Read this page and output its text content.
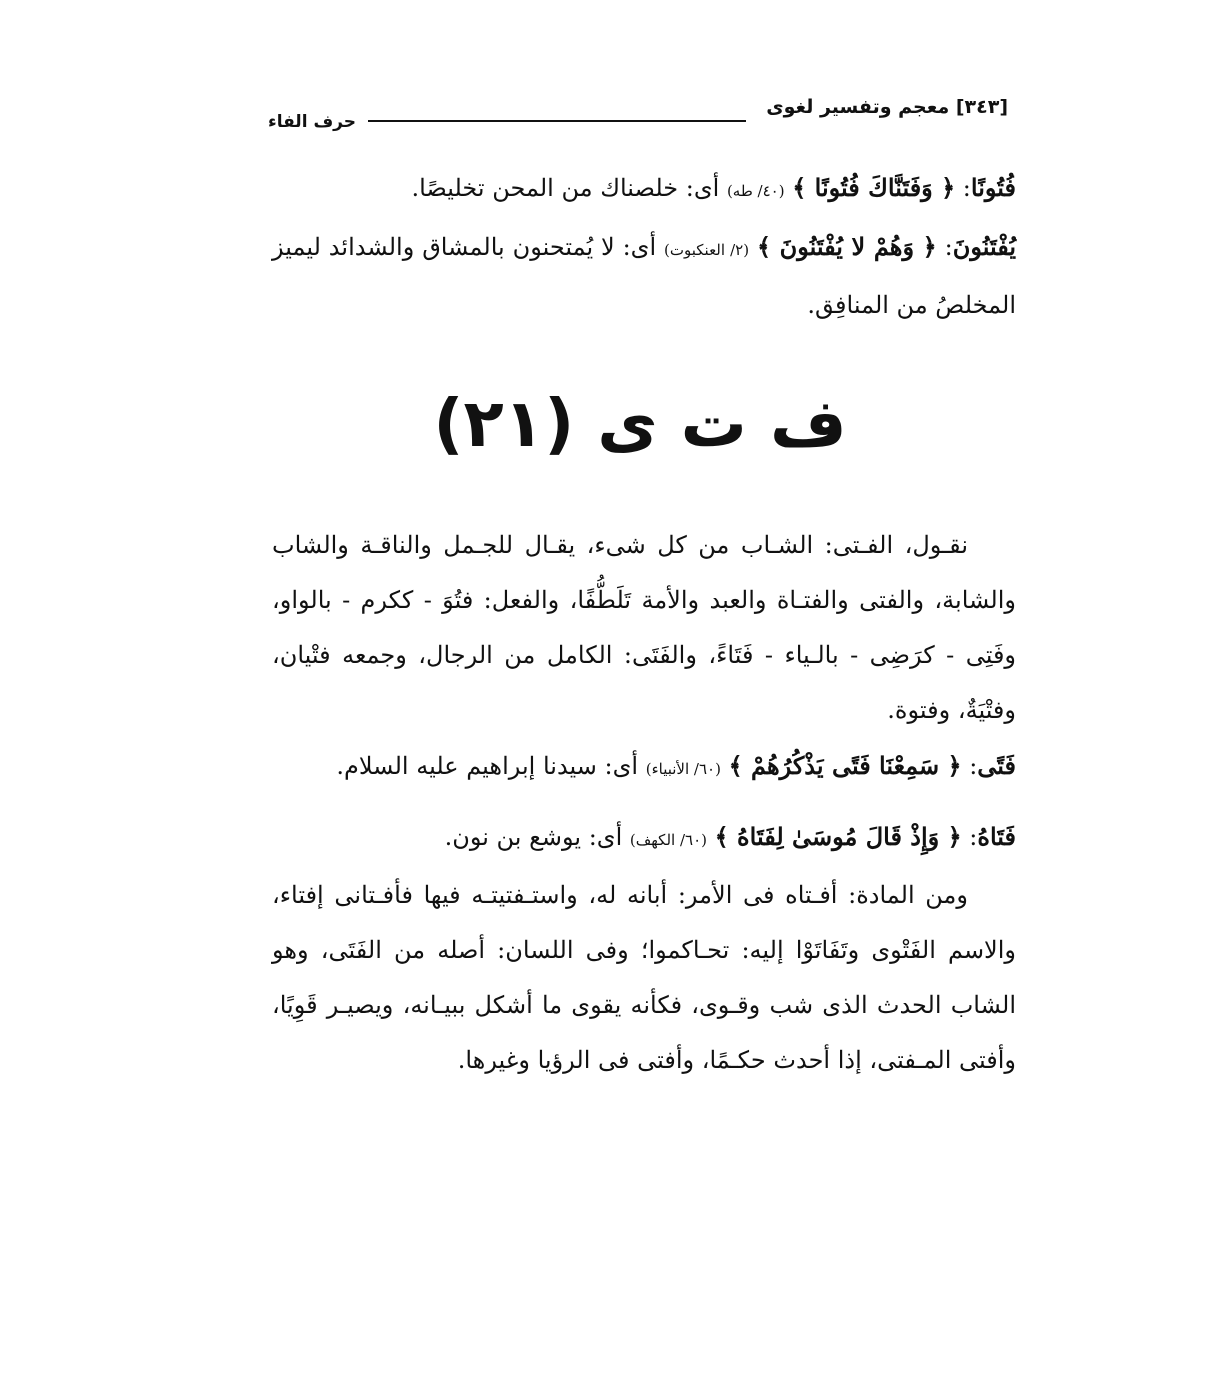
[٣٤٣] معجم وتفسير لغوى
حرف الفاء
فُتُونًا: ﴿ وَفَتَنَّاكَ فُتُونًا ﴾ (٤٠/ طه) أى: خلصناك من المحن تخليصًا.
يُفْتَنُونَ: ﴿ وَهُمْ لا يُفْتَنُونَ ﴾ (٢/ العنكبوت) أى: لا يُمتحنون بالمشاق والشدائد ليميز المخلصُ من المنافِق.
ف ت ى (٢١)
نقـول، الفـتى: الشـاب من كل شىء، يقـال للجـمل والناقـة والشاب والشابة، والفتى والفتـاة والعبد والأمة تَلَطُّفًا، والفعل: فتُوَ - ككرم - بالواو، وفَتِى - كرَضِى - بالـياء - فَتَاءً، والفَتَى: الكامل من الرجال، وجمعه فتْيان، وفتْيَةٌ، وفتوة.
فَتًى: ﴿ سَمِعْنَا فَتًى يَذْكُرُهُمْ ﴾ (٦٠/ الأنبياء) أى: سيدنا إبراهيم عليه السلام.
فَتَاهُ: ﴿ وَإِذْ قَالَ مُوسَىٰ لِفَتَاهُ ﴾ (٦٠/ الكهف) أى: يوشع بن نون.
ومن المادة: أفـتاه فى الأمر: أبانه له، واستـفتيتـه فيها فأفـتانى إفتاء، والاسم الفَتْوى وتَفَاتَوْا إليه: تحـاكموا؛ وفى اللسان: أصله من الفَتَى، وهو الشاب الحدث الذى شب وقـوى، فكأنه يقوى ما أشكل ببيـانه، ويصيـر قَوِيًا، وأفتى المـفتى، إذا أحدث حكـمًا، وأفتى فى الرؤيا وغيرها.
